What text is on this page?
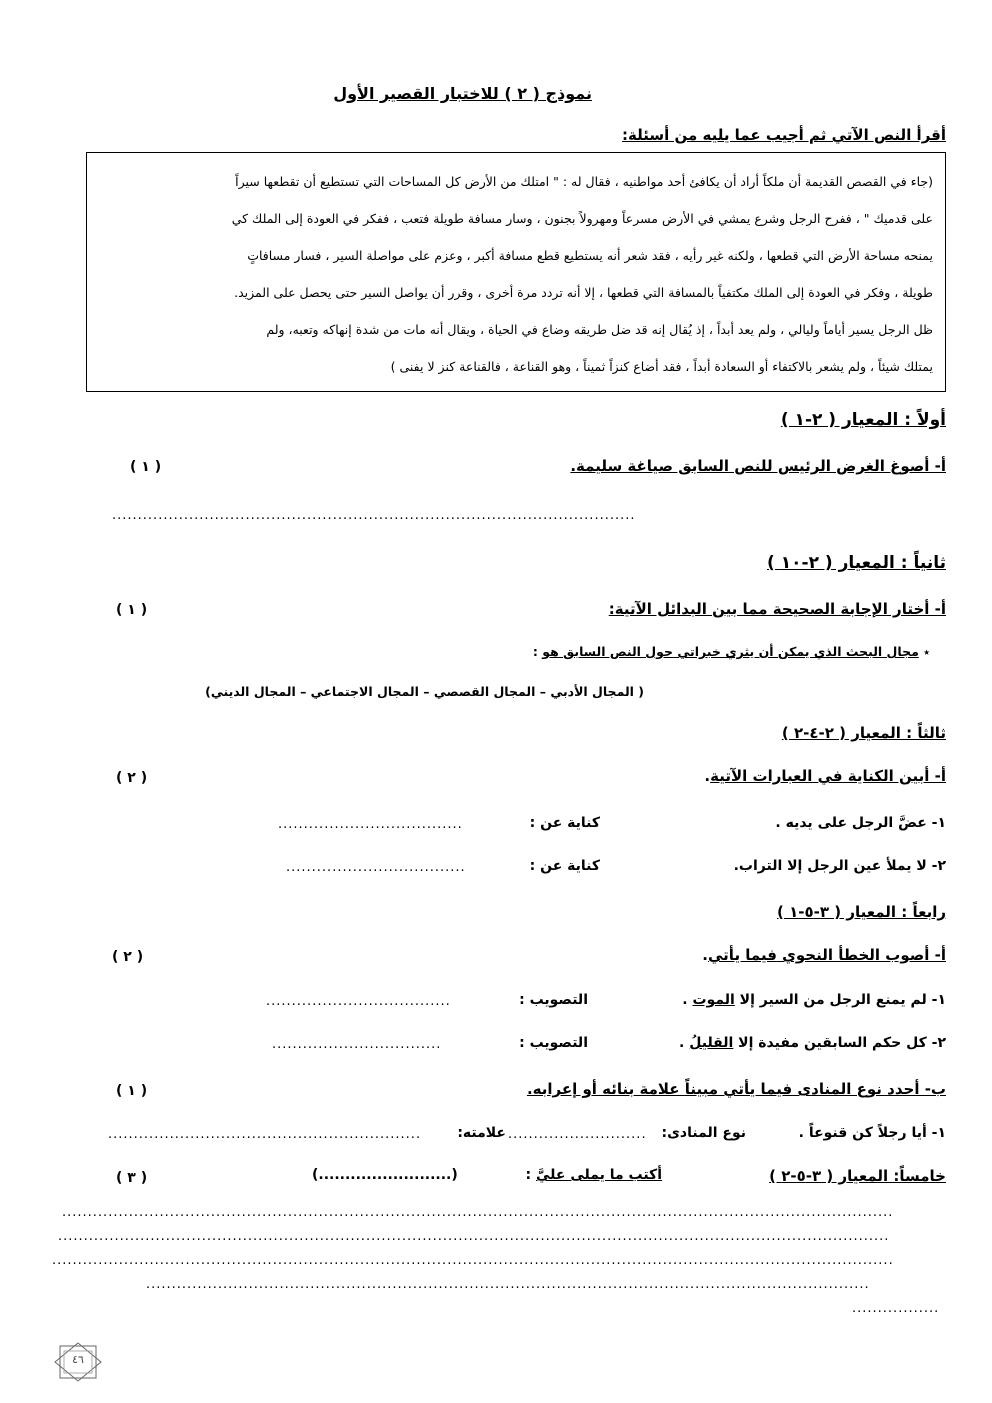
نموذج ( ٢ ) للاختبار القصير الأول
أقرأ النص الآتي ثم أجيب عما يليه من أسئلة:

(جاء في القصص القديمة أن ملكاً أراد أن يكافئ أحد مواطنيه ، فقال له : " امتلك من الأرض كل المساحات التي تستطيع أن تقطعها سيراً

على قدميك " ، ففرح الرجل وشرع يمشي في الأرض مسرعاً ومهرولاً بجنون ، وسار مسافة طويلة فتعب ، ففكر في العودة إلى الملك كي

يمنحه مساحة الأرض التي قطعها ، ولكنه غير رأيه ، فقد شعر أنه يستطيع قطع مسافة أكبر ، وعزم على مواصلة السير ، فسار مسافاتٍ

طويلة ، وفكر في العودة إلى الملك مكتفياً بالمسافة التي قطعها ، إلا أنه تردد مرة أخرى ، وقرر أن يواصل السير حتى يحصل على المزيد.

ظل الرجل يسير أياماً وليالي ، ولم يعد أبداً ، إذ يُقال إنه قد ضل طريقه وضاع في الحياة ، ويقال أنه مات من شدة إنهاكه وتعبه، ولم

يمتلك شيئاً ، ولم يشعر بالاكتفاء أو السعادة أبداً ، فقد أضاع كنزاً ثميناً ، وهو القناعة ، فالقناعة كنز لا يفنى )

أولاً : المعيار ( ٢-١ )
أ- أصوغ الغرض الرئيس للنص السابق صياغة سليمة.
( ١ )
......................................................................................................
ثانياً : المعيار ( ٢-١٠ )
أ- أختار الإجابة الصحيحة مما بين البدائل الآتية:
( ١ )
٭ مجال البحث الذي يمكن أن يثري خبراتي حول النص السابق هو :
( المجال الأدبي – المجال القصصي – المجال الاجتماعي – المجال الديني)
ثالثاً : المعيار ( ٢-٤-٢ )
أ- أبين الكناية في العبارات الآتية.
( ٢ )
١- عضَّ الرجل على يديه .
كناية عن :
....................................
٢- لا يملأ عين الرجل إلا التراب.
كناية عن :
...................................
رابعاً : المعيار ( ٣-٥-١ )
أ- أصوب الخطأ النحوي فيما يأتي.
( ٢ )
١- لم يمنع الرجل من السير إلا الموت .
التصويب :
....................................
٢- كل حكم السابقين مفيدة إلا القليلُ .
التصويب :
.................................
ب- أحدد نوع المنادى فيما يأتي مبيناً علامة بنائه أو إعرابه.
( ١ )
١- أيا رجلاً كن قنوعاً .
نوع المنادى:
...........................
علامته:
.............................................................
خامساً: المعيار ( ٣-٥-٢ )
أكتب ما يملى عليَّ :
(.........................)
( ٣ )
..................................................................................................................................................................
..................................................................................................................................................................
....................................................................................................................................................................
.............................................................................................................................................
.................
٤٦
